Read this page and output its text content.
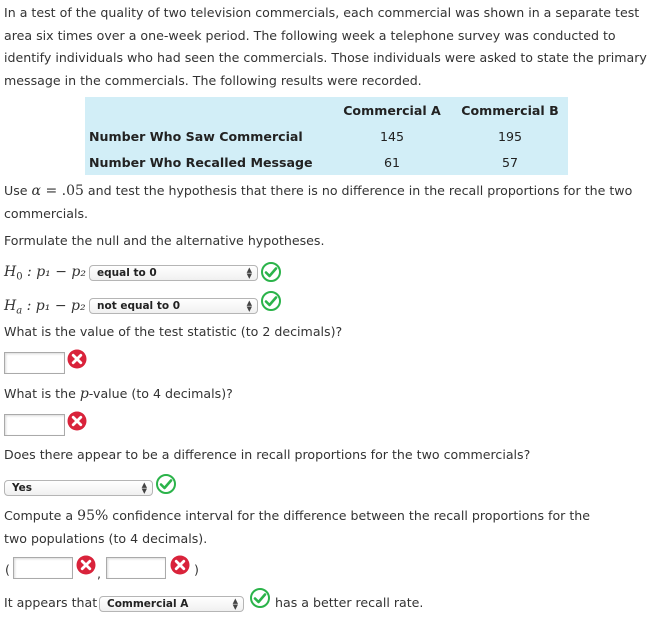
In a test of the quality of two television commercials, each commercial was shown in a separate test area six times over a one-week period. The following week a telephone survey was conducted to identify individuals who had seen the commercials. Those individuals were asked to state the primary message in the commercials. The following results were recorded.

	Commercial A	Commercial B
Number Who Saw Commercial	145	195
Number Who Recalled Message	61	57

Use α = .05 and test the hypothesis that there is no difference in the recall proportions for the two commercials.

Formulate the null and the alternative hypotheses.
$H_0$ : p₁ − p₂	equal to 0	▲
▼
$H_a$ : p₁ − p₂	not equal to 0	▲
▼
What is the value of the test statistic (to 2 decimals)?
What is the p-value (to 4 decimals)?
Does there appear to be a difference in recall proportions for the two commercials?
Yes	▲
▼

Compute a 95% confidence interval for the difference between the recall proportions for the two populations (to 4 decimals).

(	,	)
It appears that Commercial A	▲
▼	has a better recall rate.
